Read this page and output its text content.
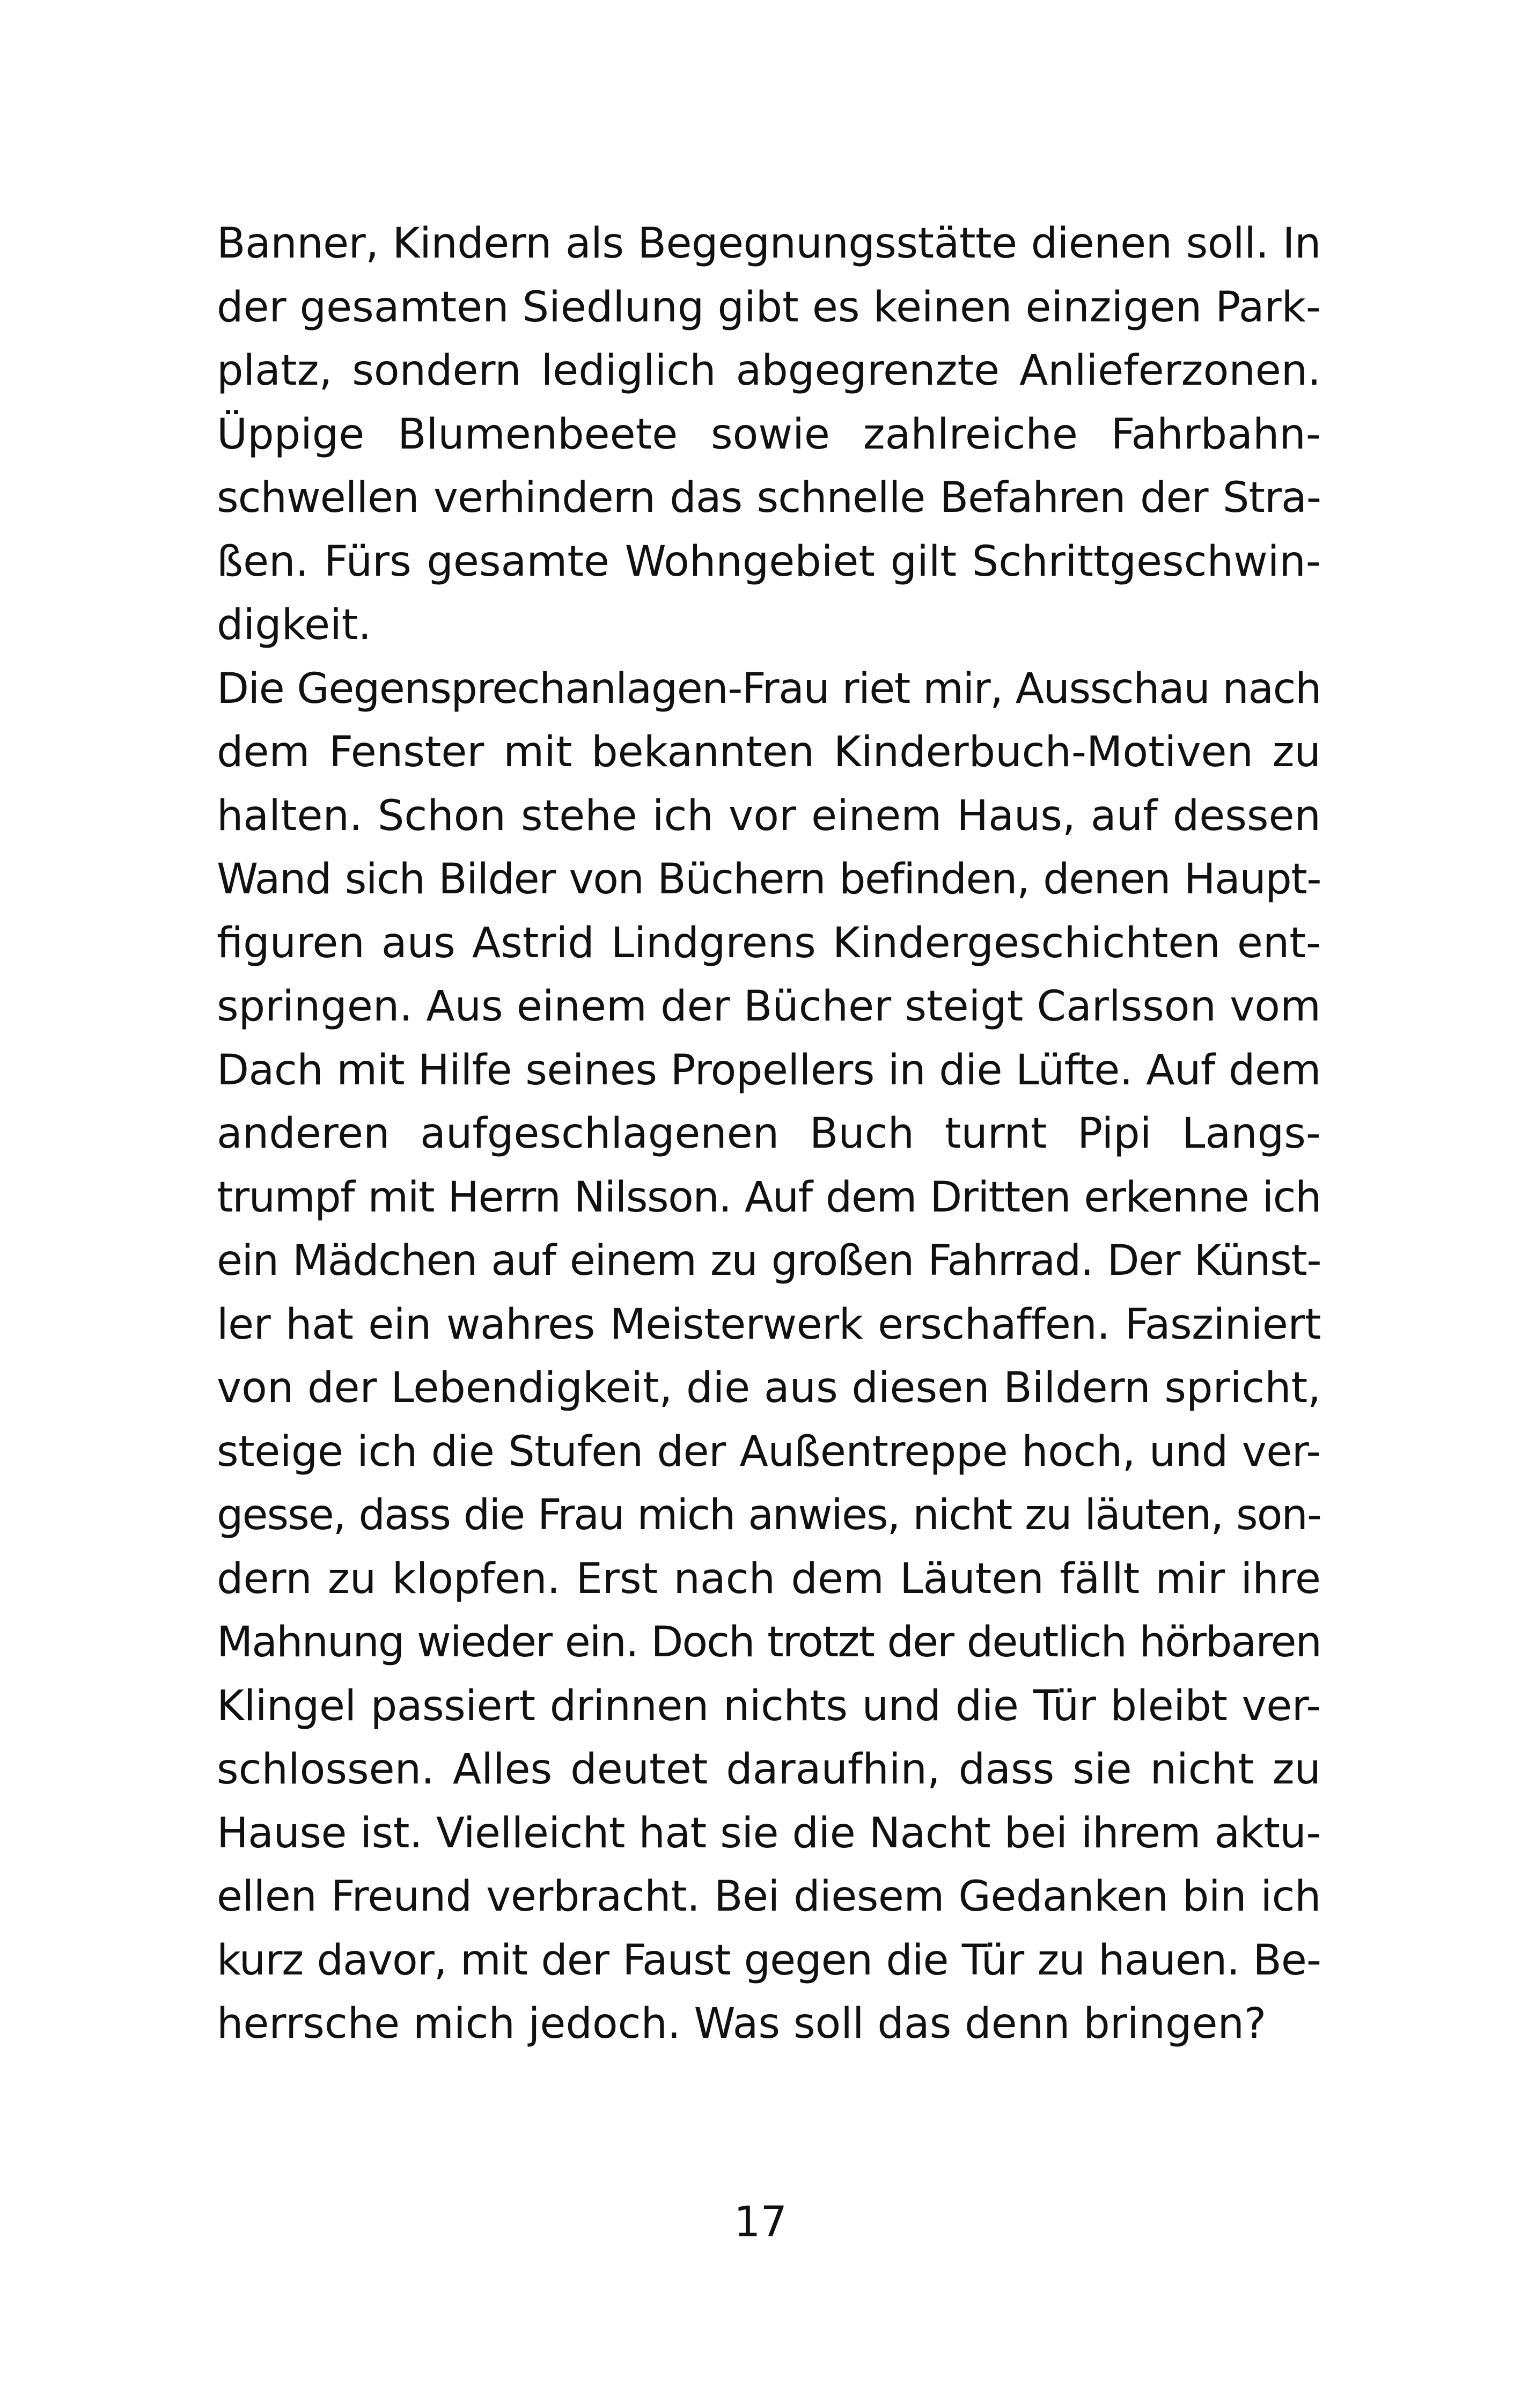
Banner, Kindern als Begegnungsstätte dienen soll. In
der gesamten Siedlung gibt es keinen einzigen Park-
platz, sondern lediglich abgegrenzte Anlieferzonen.
Üppige Blumenbeete sowie zahlreiche Fahrbahn-
schwellen verhindern das schnelle Befahren der Stra-
ßen. Fürs gesamte Wohngebiet gilt Schrittgeschwin-
digkeit.
Die Gegensprechanlagen-Frau riet mir, Ausschau nach
dem Fenster mit bekannten Kinderbuch-Motiven zu
halten. Schon stehe ich vor einem Haus, auf dessen
Wand sich Bilder von Büchern befinden, denen Haupt-
figuren aus Astrid Lindgrens Kindergeschichten ent-
springen. Aus einem der Bücher steigt Carlsson vom
Dach mit Hilfe seines Propellers in die Lüfte. Auf dem
anderen aufgeschlagenen Buch turnt Pipi Langs-
trumpf mit Herrn Nilsson. Auf dem Dritten erkenne ich
ein Mädchen auf einem zu großen Fahrrad. Der Künst-
ler hat ein wahres Meisterwerk erschaffen. Fasziniert
von der Lebendigkeit, die aus diesen Bildern spricht,
steige ich die Stufen der Außentreppe hoch, und ver-
gesse, dass die Frau mich anwies, nicht zu läuten, son-
dern zu klopfen. Erst nach dem Läuten fällt mir ihre
Mahnung wieder ein. Doch trotzt der deutlich hörbaren
Klingel passiert drinnen nichts und die Tür bleibt ver-
schlossen. Alles deutet daraufhin, dass sie nicht zu
Hause ist. Vielleicht hat sie die Nacht bei ihrem aktu-
ellen Freund verbracht. Bei diesem Gedanken bin ich
kurz davor, mit der Faust gegen die Tür zu hauen. Be-
herrsche mich jedoch. Was soll das denn bringen?
17
